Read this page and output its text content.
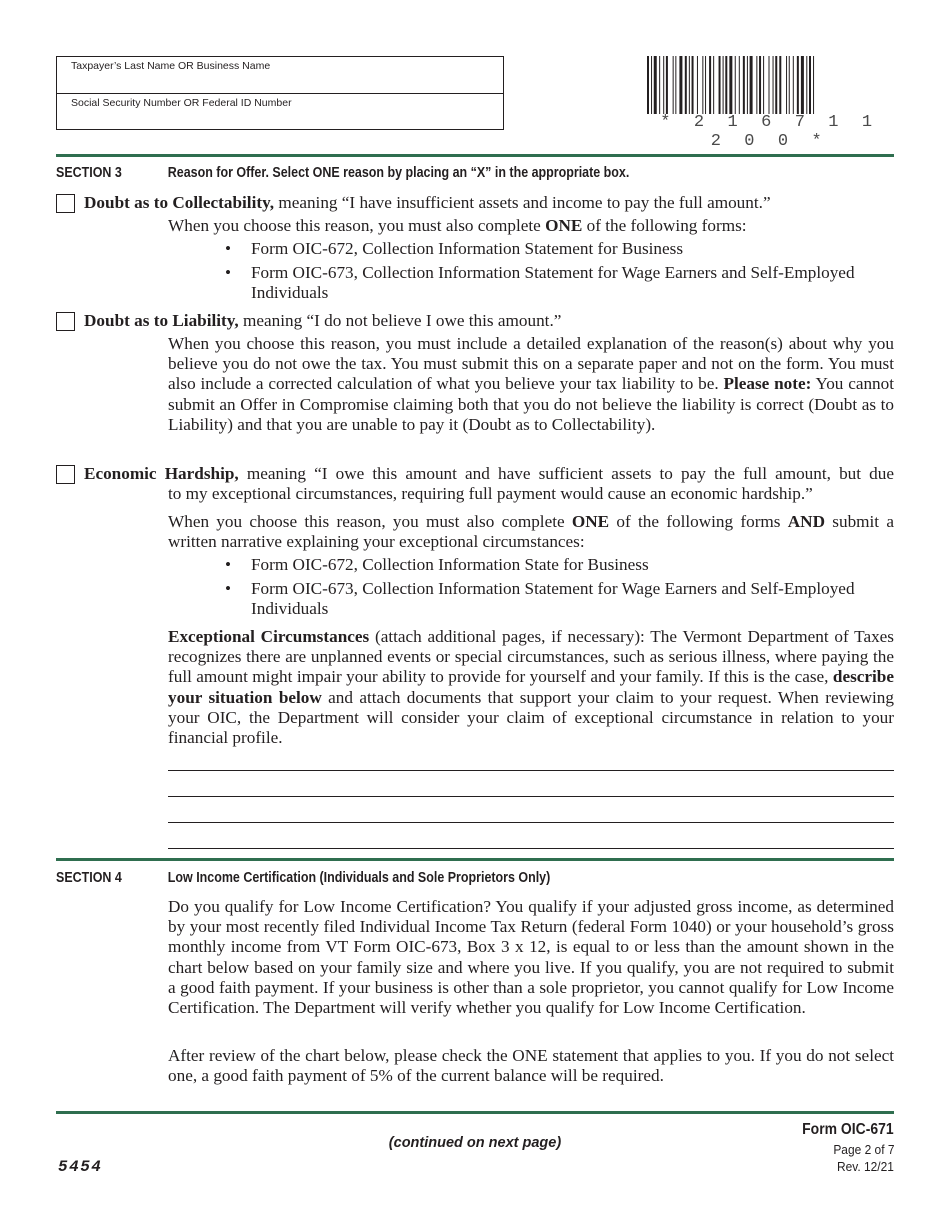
Taxpayer’s Last Name OR Business Name
Social Security Number OR Federal ID Number
* 2 1 6 7 1 1 2 0 0 *
SECTION 3	Reason for Offer. Select ONE reason by placing an “X” in the appropriate box.
Doubt as to Collectability, meaning “I have insufficient assets and income to pay the full amount.”
When you choose this reason, you must also complete ONE of the following forms:
• Form OIC-672, Collection Information Statement for Business
• Form OIC-673, Collection Information Statement for Wage Earners and Self-Employed Individuals
Doubt as to Liability, meaning “I do not believe I owe this amount.”
When you choose this reason, you must include a detailed explanation of the reason(s) about why you believe you do not owe the tax. You must submit this on a separate paper and not on the form. You must also include a corrected calculation of what you believe your tax liability to be. Please note: You cannot submit an Offer in Compromise claiming both that you do not believe the liability is correct (Doubt as to Liability) and that you are unable to pay it (Doubt as to Collectability).
Economic Hardship, meaning “I owe this amount and have sufficient assets to pay the full amount, but due
to my exceptional circumstances, requiring full payment would cause an economic hardship.”
When you choose this reason, you must also complete ONE of the following forms AND submit a written narrative explaining your exceptional circumstances:
• Form OIC-672, Collection Information State for Business
• Form OIC-673, Collection Information Statement for Wage Earners and Self-Employed Individuals
Exceptional Circumstances (attach additional pages, if necessary): The Vermont Department of Taxes recognizes there are unplanned events or special circumstances, such as serious illness, where paying the full amount might impair your ability to provide for yourself and your family. If this is the case, describe your situation below and attach documents that support your claim to your request. When reviewing your OIC, the Department will consider your claim of exceptional circumstance in relation to your financial profile.
SECTION 4	Low Income Certification (Individuals and Sole Proprietors Only)
Do you qualify for Low Income Certification? You qualify if your adjusted gross income, as determined by your most recently filed Individual Income Tax Return (federal Form 1040) or your household’s gross monthly income from VT Form OIC-673, Box 3 x 12, is equal to or less than the amount shown in the chart below based on your family size and where you live. If you qualify, you are not required to submit a good faith payment. If your business is other than a sole proprietor, you cannot qualify for Low Income Certification. The Department will verify whether you qualify for Low Income Certification.
After review of the chart below, please check the ONE statement that applies to you. If you do not select one, a good faith payment of 5% of the current balance will be required.
(continued on next page)
Form OIC-671
Page 2 of 7
Rev. 12/21
5454
